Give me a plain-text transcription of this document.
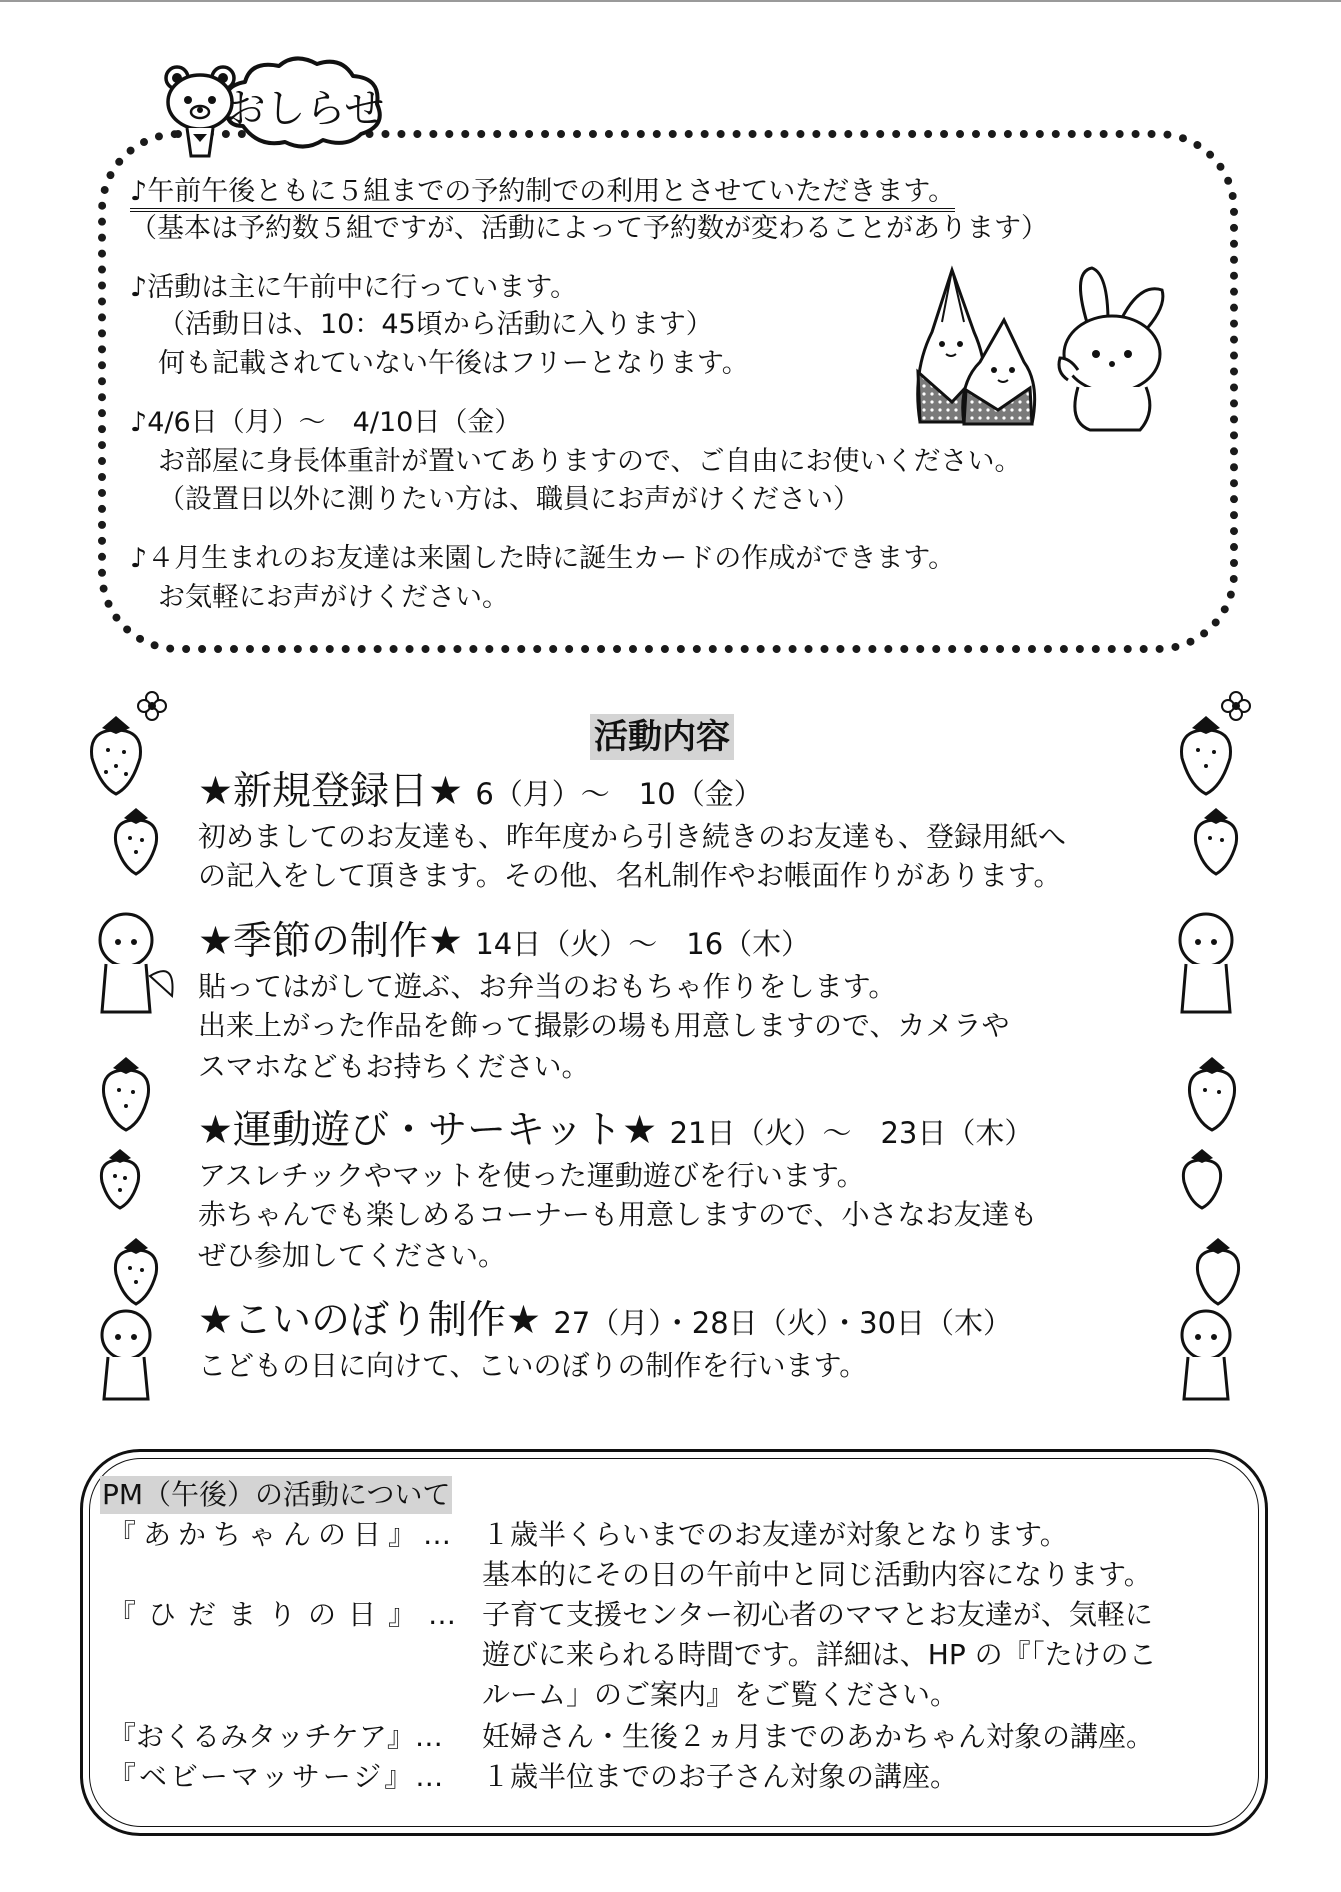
おしらせ
♪午前午後ともに５組までの予約制での利用とさせていただきます。
（基本は予約数５組ですが、活動によって予約数が変わることがあります）
♪活動は主に午前中に行っています。
（活動日は、10：45頃から活動に入ります）
何も記載されていない午後はフリーとなります。
♪4/6日（月）～　4/10日（金）
お部屋に身長体重計が置いてありますので、ご自由にお使いください。
（設置日以外に測りたい方は、職員にお声がけください）
♪４月生まれのお友達は来園した時に誕生カードの作成ができます。
お気軽にお声がけください。
活動内容
★新規登録日★ 6（月）～　10（金）
初めましてのお友達も、昨年度から引き続きのお友達も、登録用紙へ
の記入をして頂きます。その他、名札制作やお帳面作りがあります。
★季節の制作★ 14日（火）～　16（木）
貼ってはがして遊ぶ、お弁当のおもちゃ作りをします。
出来上がった作品を飾って撮影の場も用意しますので、カメラや
スマホなどもお持ちください。
★運動遊び・サーキット★ 21日（火）～　23日（木）
アスレチックやマットを使った運動遊びを行います。
赤ちゃんでも楽しめるコーナーも用意しますので、小さなお友達も
ぜひ参加してください。
★こいのぼり制作★ 27（月）・28日（火）・30日（木）
こどもの日に向けて、こいのぼりの制作を行います。
PM（午後）の活動について
『あかちゃんの日』… １歳半くらいまでのお友達が対象となります。
基本的にその日の午前中と同じ活動内容になります。
『ひだまりの日』… 子育て支援センター初心者のママとお友達が、気軽に
遊びに来られる時間です。詳細は、HP の『「たけのこ
ルーム」のご案内』をご覧ください。
『おくるみタッチケア』… 妊婦さん・生後２ヵ月までのあかちゃん対象の講座。
『ベビーマッサージ』… １歳半位までのお子さん対象の講座。
